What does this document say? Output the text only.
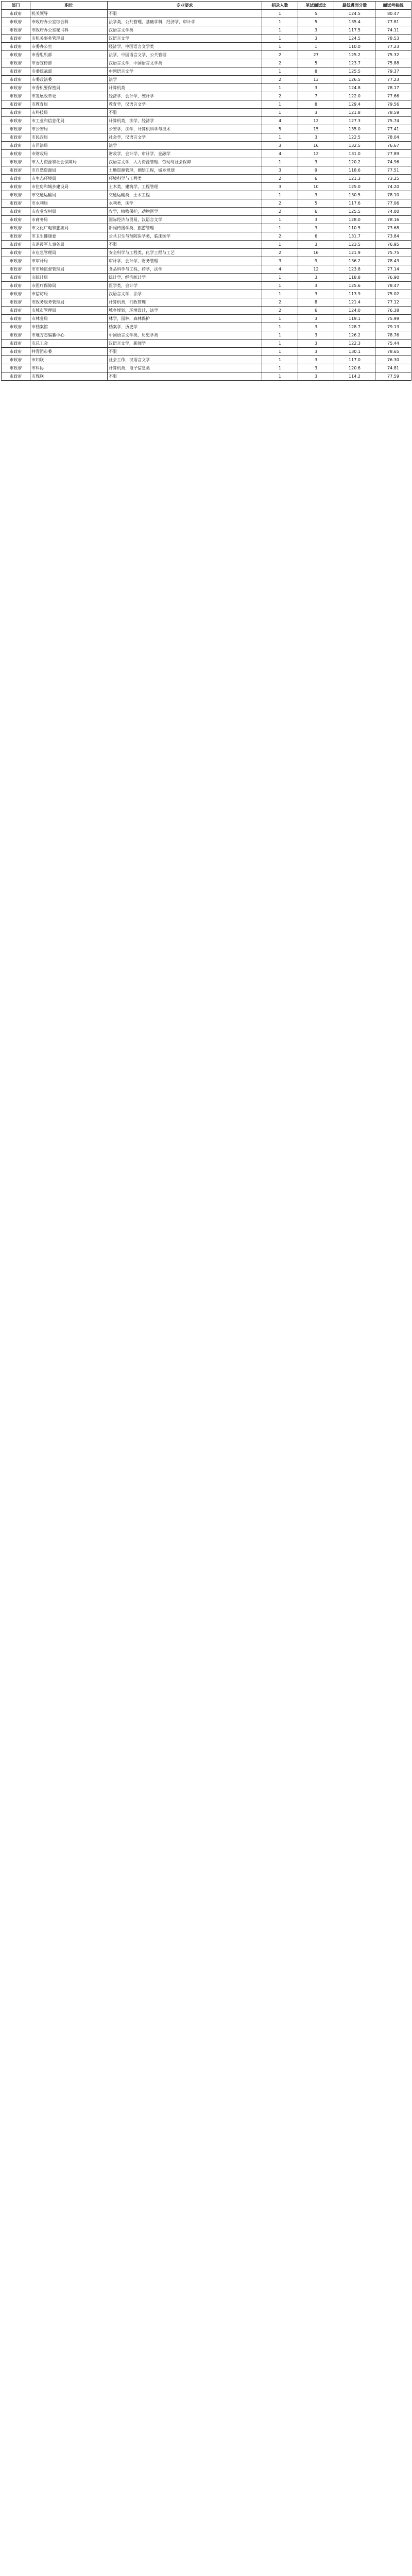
部门	职位	专业要求	招录人数	笔试面试比	最低进面分数	面试考核线
市政府	机关领导	不限	1	5	124.5	80.47
市政府	市政府办公室综合科	法学类，公共管理，基础学科，经济学，审计学	1	5	135.4	77.81
市政府	市政府办公室秘书科	汉语言文学类	1	3	117.5	74.11
市政府	市机关事务管理局	汉语言文学	1	3	124.5	78.53
市政府	市委办公室	经济学，中国语言文学类	1	1	110.0	77.23
市政府	市委组织部	法学，中国语言文学，公共管理	2	27	125.2	75.32
市政府	市委宣传部	汉语言文学，中国语言文学类	2	5	123.7	75.88
市政府	市委统战部	中国语言文学	1	8	125.5	79.37
市政府	市委政法委	法学	2	13	126.5	77.23
市政府	市委机要保密局	计算机类	1	3	124.8	78.17
市政府	市发展改革委	经济学，会计学，统计学	2	7	122.0	77.66
市政府	市教育局	教育学，汉语言文学	1	8	129.4	79.56
市政府	市科技局	不限	1	3	121.8	78.59
市政府	市工业和信息化局	计算机类，法学，经济学	4	12	127.3	75.74
市政府	市公安局	公安学，法学，计算机科学与技术	5	15	135.0	77.41
市政府	市民政局	社会学，汉语言文学	1	3	122.5	78.04
市政府	市司法局	法学	3	16	132.5	76.67
市政府	市财政局	财政学，会计学，审计学，金融学	4	12	131.0	77.89
市政府	市人力资源和社会保障局	汉语言文学，人力资源管理，劳动与社会保障	1	3	120.2	74.96
市政府	市自然资源局	土地资源管理，测绘工程，城乡规划	3	9	118.6	77.51
市政府	市生态环境局	环境科学与工程类	2	6	121.3	73.25
市政府	市住房和城乡建设局	土木类，建筑学，工程管理	3	10	125.0	74.20
市政府	市交通运输局	交通运输类，土木工程	1	3	130.5	78.10
市政府	市水利局	水利类，法学	2	5	117.6	77.06
市政府	市农业农村局	农学，植物保护，动物医学	2	6	125.5	74.00
市政府	市商务局	国际经济与贸易，汉语言文学	1	3	128.0	78.16
市政府	市文化广电和旅游局	新闻传播学类，旅游管理	1	3	110.5	73.68
市政府	市卫生健康委	公共卫生与预防医学类，临床医学	2	6	131.7	73.84
市政府	市退役军人事务局	不限	1	3	123.5	76.95
市政府	市应急管理局	安全科学与工程类，化学工程与工艺	2	16	121.9	75.75
市政府	市审计局	审计学，会计学，财务管理	3	9	136.2	78.43
市政府	市市场监督管理局	食品科学与工程，药学，法学	4	12	123.8	77.14
市政府	市统计局	统计学，经济统计学	1	3	118.8	76.90
市政府	市医疗保障局	医学类，会计学	1	3	125.6	78.47
市政府	市信访局	汉语言文学，法学	1	3	113.9	75.02
市政府	市政务服务管理局	计算机类，行政管理	2	8	121.4	77.12
市政府	市城市管理局	城乡规划，环境设计，法学	2	6	124.0	76.38
市政府	市林业局	林学，园林，森林保护	1	3	119.1	75.99
市政府	市档案馆	档案学，历史学	1	3	128.7	79.13
市政府	市地方志编纂中心	中国语言文学类，历史学类	1	3	126.2	78.76
市政府	市总工会	汉语言文学，新闻学	1	3	122.3	75.44
市政府	共青团市委	不限	1	3	130.1	78.65
市政府	市妇联	社会工作，汉语言文学	1	3	117.0	76.30
市政府	市科协	计算机类，电子信息类	1	3	120.6	74.81
市政府	市残联	不限	1	3	114.2	77.59
